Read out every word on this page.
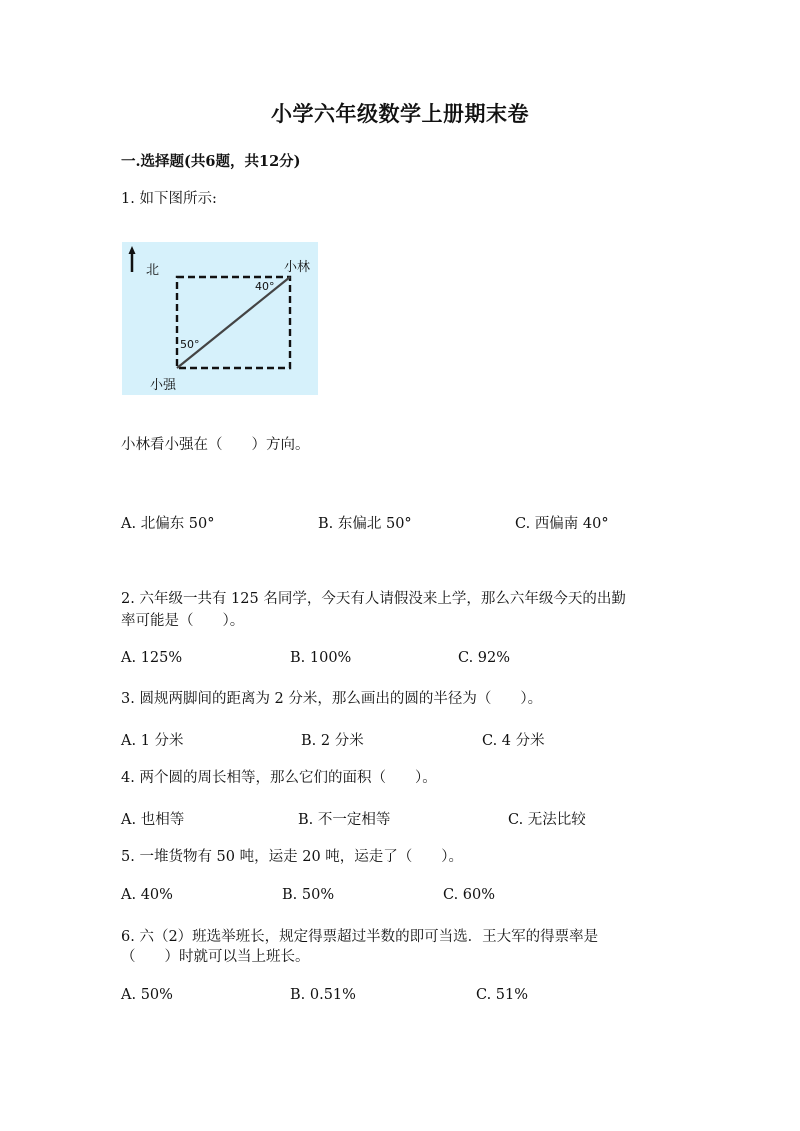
小学六年级数学上册期末卷
一.选择题(共6题，共12分)
1. 如下图所示:
北	小林
小强
40°
50°
小林看小强在（　　）方向。
A. 北偏东 50°	B. 东偏北 50°	C. 西偏南 40°
2. 六年级一共有 125 名同学，今天有人请假没来上学，那么六年级今天的出勤
率可能是（　　）。
A. 125%	B. 100%	C. 92%
3. 圆规两脚间的距离为 2 分米，那么画出的圆的半径为（　　）。
A. 1 分米	B. 2 分米	C. 4 分米
4. 两个圆的周长相等，那么它们的面积（　　）。
A. 也相等	B. 不一定相等	C. 无法比较
5. 一堆货物有 50 吨，运走 20 吨，运走了（　　）。
A. 40%	B. 50%	C. 60%
6. 六（2）班选举班长，规定得票超过半数的即可当选．王大军的得票率是
（　　）时就可以当上班长。
A. 50%	B. 0.51%	C. 51%
